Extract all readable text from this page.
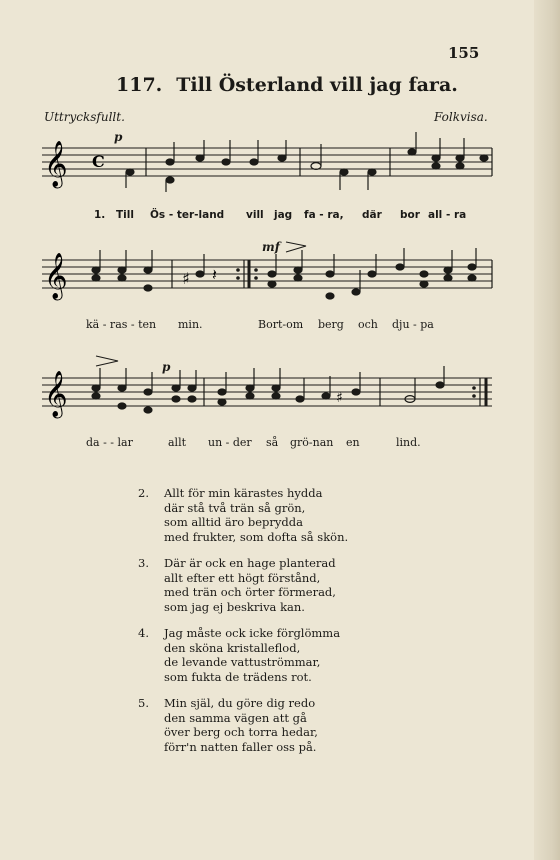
155
117. Till Österland vill jag fara.
Uttrycksfullt.	Folkvisa.
𝄞 C
p
1. Till Ös - ter-land vill jag fa - ra, där bor all - ra
𝄞	♯ 𝄽
mf
kä - ras - ten min.	Bort-om berg och dju - pa
𝄞	♯
p
da - - lar	allt un - der så grö-nan en	lind.
2. Allt för min kärastes hydda
där stå två trän så grön,
som alltid äro beprydda
med frukter, som dofta så skön.
3. Där är ock en hage planterad
allt efter ett högt förstånd,
med trän och örter förmerad,
som jag ej beskriva kan.
4. Jag måste ock icke förglömma
den sköna kristalleflod,
de levande vattuströmmar,
som fukta de trädens rot.
5. Min själ, du göre dig redo
den samma vägen att gå
över berg och torra hedar,
förr'n natten faller oss på.
